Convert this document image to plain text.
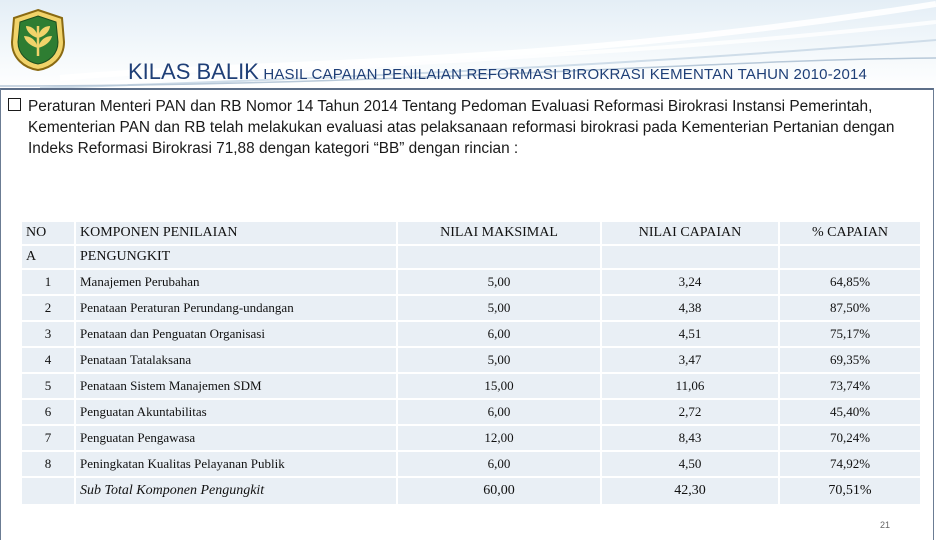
KILAS BALIK HASIL CAPAIAN PENILAIAN REFORMASI BIROKRASI KEMENTAN TAHUN 2010-2014
Peraturan Menteri PAN dan RB Nomor 14 Tahun 2014 Tentang Pedoman Evaluasi Reformasi Birokrasi Instansi Pemerintah, Kementerian PAN dan RB telah melakukan evaluasi atas pelaksanaan reformasi birokrasi pada Kementerian Pertanian dengan Indeks Reformasi Birokrasi 71,88 dengan kategori “BB” dengan rincian :
NO	KOMPONEN PENILAIAN	NILAI MAKSIMAL	NILAI CAPAIAN	% CAPAIAN
A	PENGUNGKIT			
1	Manajemen Perubahan	5,00	3,24	64,85%
2	Penataan Peraturan Perundang-undangan	5,00	4,38	87,50%
3	Penataan dan Penguatan Organisasi	6,00	4,51	75,17%
4	Penataan Tatalaksana	5,00	3,47	69,35%
5	Penataan Sistem Manajemen SDM	15,00	11,06	73,74%
6	Penguatan Akuntabilitas	6,00	2,72	45,40%
7	Penguatan Pengawasa	12,00	8,43	70,24%
8	Peningkatan Kualitas Pelayanan Publik	6,00	4,50	74,92%
	Sub Total Komponen Pengungkit	60,00	42,30	70,51%
21
